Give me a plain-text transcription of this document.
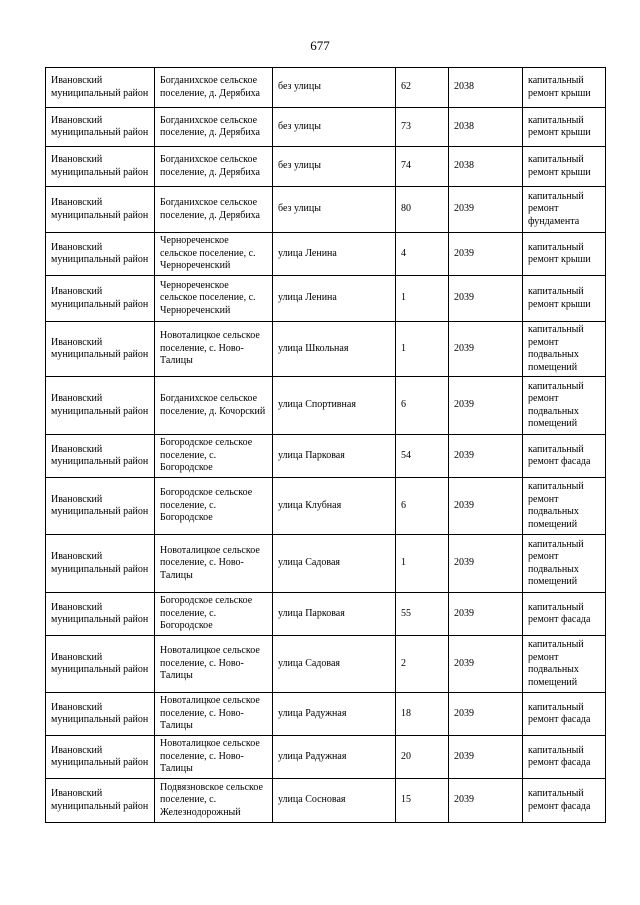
677
Ивановский муниципальный район	Богданихское сельское поселение, д. Дерябиха	без улицы	62	2038	капитальный ремонт крыши
Ивановский муниципальный район	Богданихское сельское поселение, д. Дерябиха	без улицы	73	2038	капитальный ремонт крыши
Ивановский муниципальный район	Богданихское сельское поселение, д. Дерябиха	без улицы	74	2038	капитальный ремонт крыши
Ивановский муниципальный район	Богданихское сельское поселение, д. Дерябиха	без улицы	80	2039	капитальный ремонт фундамента
Ивановский муниципальный район	Чернореченское сельское поселение, с. Чернореченский	улица Ленина	4	2039	капитальный ремонт крыши
Ивановский муниципальный район	Чернореченское сельское поселение, с. Чернореченский	улица Ленина	1	2039	капитальный ремонт крыши
Ивановский муниципальный район	Новоталицкое сельское поселение, с. Ново-Талицы	улица Школьная	1	2039	капитальный ремонт подвальных помещений
Ивановский муниципальный район	Богданихское сельское поселение, д. Кочорский	улица Спортивная	6	2039	капитальный ремонт подвальных помещений
Ивановский муниципальный район	Богородское сельское поселение, с. Богородское	улица Парковая	54	2039	капитальный ремонт фасада
Ивановский муниципальный район	Богородское сельское поселение, с. Богородское	улица Клубная	6	2039	капитальный ремонт подвальных помещений
Ивановский муниципальный район	Новоталицкое сельское поселение, с. Ново-Талицы	улица Садовая	1	2039	капитальный ремонт подвальных помещений
Ивановский муниципальный район	Богородское сельское поселение, с. Богородское	улица Парковая	55	2039	капитальный ремонт фасада
Ивановский муниципальный район	Новоталицкое сельское поселение, с. Ново-Талицы	улица Садовая	2	2039	капитальный ремонт подвальных помещений
Ивановский муниципальный район	Новоталицкое сельское поселение, с. Ново-Талицы	улица Радужная	18	2039	капитальный ремонт фасада
Ивановский муниципальный район	Новоталицкое сельское поселение, с. Ново-Талицы	улица Радужная	20	2039	капитальный ремонт фасада
Ивановский муниципальный район	Подвязновское сельское поселение, с. Железнодорожный	улица Сосновая	15	2039	капитальный ремонт фасада
